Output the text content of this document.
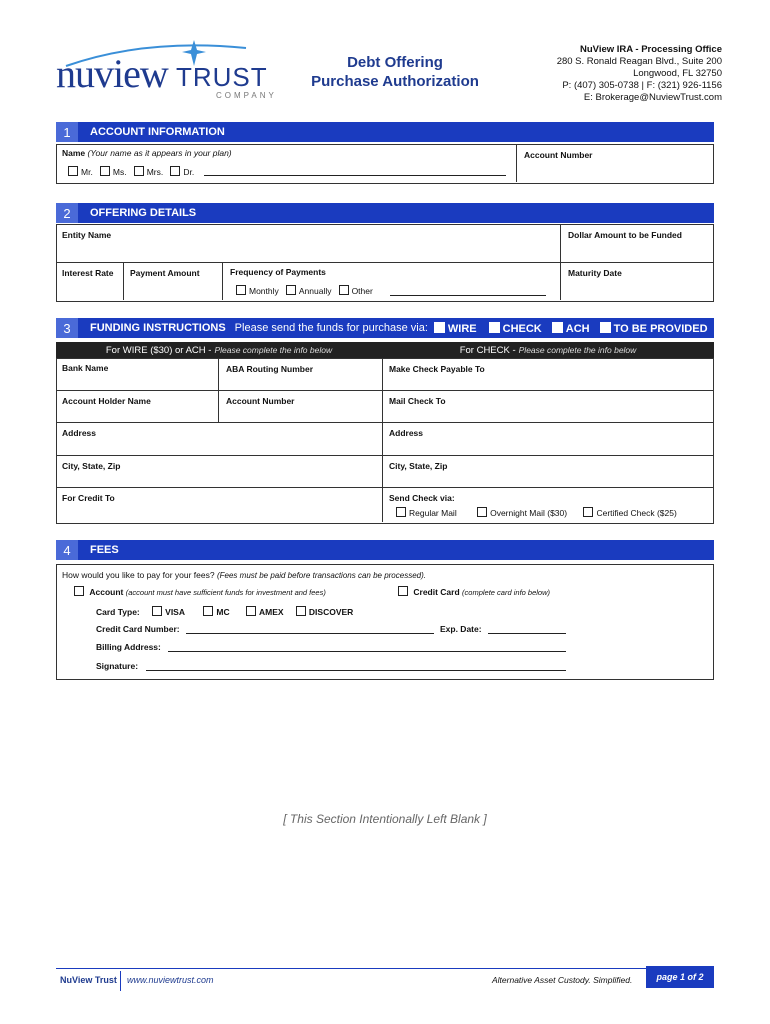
nuview TRUST
COMPANY
Debt Offering
Purchase Authorization
NuView IRA - Processing Office
280 S. Ronald Reagan Blvd., Suite 200
Longwood, FL 32750
P: (407) 305-0738 | F: (321) 926-1156
E: Brokerage@NuviewTrust.com
1	ACCOUNT INFORMATION
Name (Your name as it appears in your plan)	Account Number
Mr. Ms. Mrs. Dr.
2	OFFERING DETAILS
Entity Name	Dollar Amount to be Funded
Interest Rate Payment Amount	Frequency of Payments	Maturity Date
Monthly Annually Other
3	FUNDING INSTRUCTIONS Please send the funds for purchase via:	WIRE	CHECK	ACH	TO BE PROVIDED
For WIRE ($30) or ACH - Please complete the info below	For CHECK - Please complete the info below
Bank Name	ABA Routing Number	Make Check Payable To
Account Holder Name	Account Number	Mail Check To
Address	Address
City, State, Zip	City, State, Zip
For Credit To	Send Check via:
Regular Mail	Overnight Mail ($30)	Certified Check ($25)
4	FEES
How would you like to pay for your fees? (Fees must be paid before transactions can be processed).
Account (account must have sufficient funds for investment and fees)	Credit Card (complete card info below)
Card Type:	VISA	MC	AMEX	DISCOVER
Credit Card Number:	Exp. Date:
Billing Address:
Signature:
[ This Section Intentionally Left Blank ]
NuView Trust www.nuviewtrust.com	Alternative Asset Custody. Simplified.	page 1 of 2
